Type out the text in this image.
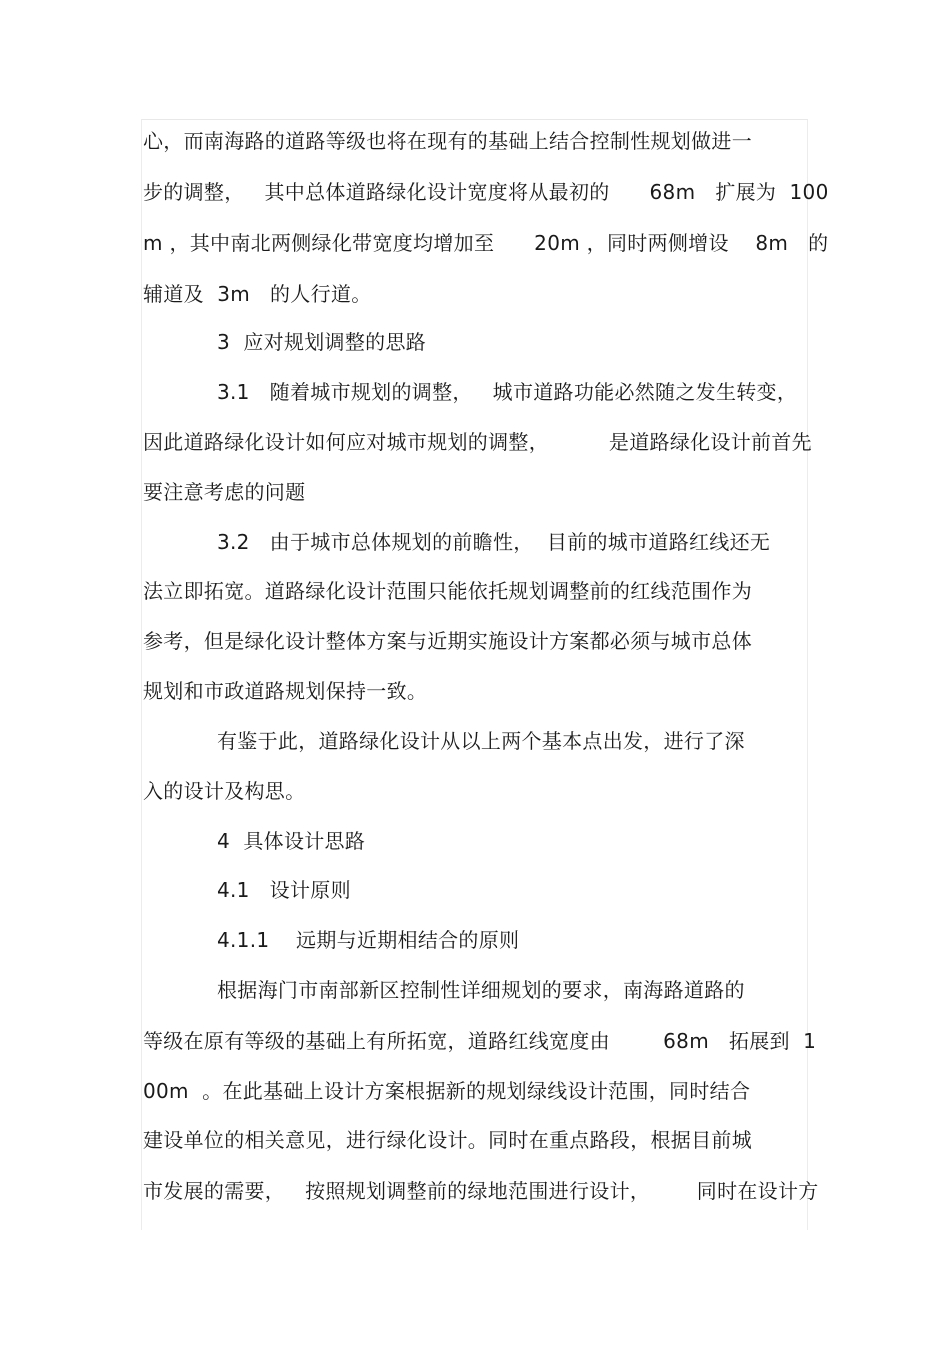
心，而南海路的道路等级也将在现有的基础上结合控制性规划做进一
步的调整，   其中总体道路绿化设计宽度将从最初的      68m   扩展为  100
m ，其中南北两侧绿化带宽度均增加至      20m ，同时两侧增设    8m   的
辅道及  3m   的人行道。
3  应对规划调整的思路
3.1   随着城市规划的调整，   城市道路功能必然随之发生转变，
因此道路绿化设计如何应对城市规划的调整，         是道路绿化设计前首先
要注意考虑的问题
3.2   由于城市总体规划的前瞻性，  目前的城市道路红线还无
法立即拓宽。道路绿化设计范围只能依托规划调整前的红线范围作为
参考，但是绿化设计整体方案与近期实施设计方案都必须与城市总体
规划和市政道路规划保持一致。
有鉴于此，道路绿化设计从以上两个基本点出发，进行了深
入的设计及构思。
4  具体设计思路
4.1   设计原则
4.1.1    远期与近期相结合的原则
根据海门市南部新区控制性详细规划的要求，南海路道路的
等级在原有等级的基础上有所拓宽，道路红线宽度由        68m   拓展到  1
00m  。在此基础上设计方案根据新的规划绿线设计范围，同时结合
建设单位的相关意见，进行绿化设计。同时在重点路段，根据目前城
市发展的需要，   按照规划调整前的绿地范围进行设计，       同时在设计方
